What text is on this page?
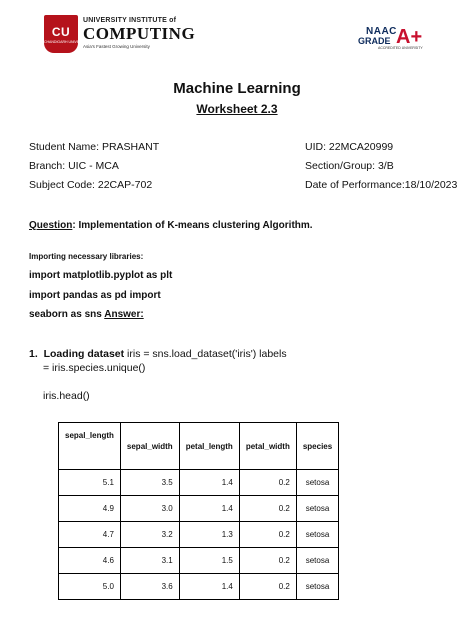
CU
CHANDIGARH UNIVERSITY
UNIVERSITY INSTITUTE of
COMPUTING
Asia's Fastest Growing University
NAAC
GRADE A+
ACCREDITED UNIVERSITY
Machine Learning
Worksheet 2.3
Student Name: PRASHANT	UID: 22MCA20999
Branch: UIC - MCA	Section/Group: 3/B
Subject Code: 22CAP-702	Date of Performance:18/10/2023
Question: Implementation of K-means clustering Algorithm.
Importing necessary libraries:
import matplotlib.pyplot as plt
import pandas as pd import
seaborn as sns Answer:
1. Loading dataset iris = sns.load_dataset('iris') labels
= iris.species.unique()
iris.head()
sepal_length	sepal_width	petal_length	petal_width	species
5.1	3.5	1.4	0.2	setosa
4.9	3.0	1.4	0.2	setosa
4.7	3.2	1.3	0.2	setosa
4.6	3.1	1.5	0.2	setosa
5.0	3.6	1.4	0.2	setosa
